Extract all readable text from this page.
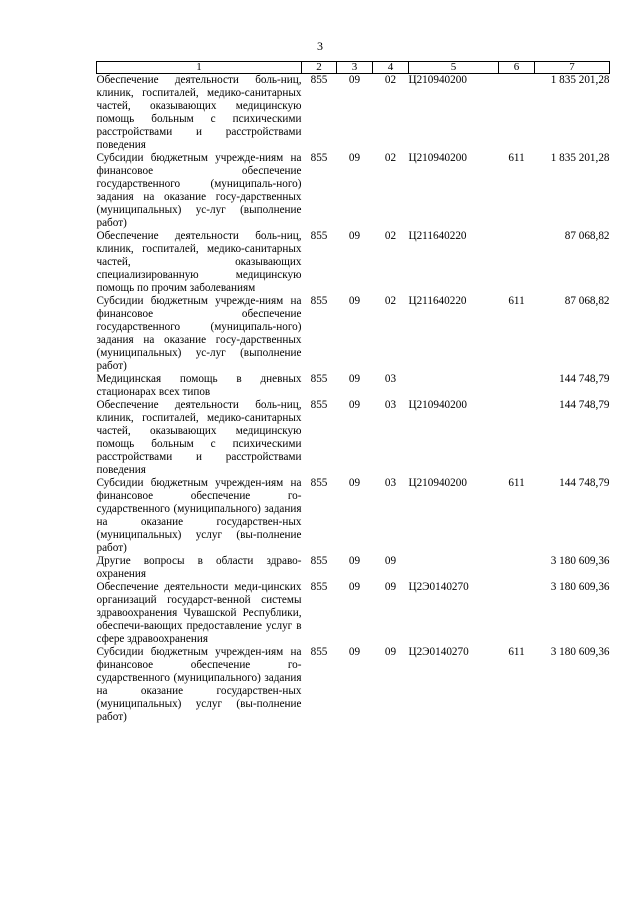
3
1	2	3	4	5	6	7
Обеспечение деятельности боль-ниц, клиник, госпиталей, медико-санитарных частей, оказывающих медицинскую помощь больным с психическими расстройствами и расстройствами поведения	855	09	02	Ц210940200		1 835 201,28
Субсидии бюджетным учрежде-ниям на финансовое обеспечение государственного (муниципаль-ного) задания на оказание госу-дарственных (муниципальных) ус-луг (выполнение работ)	855	09	02	Ц210940200	611	1 835 201,28
Обеспечение деятельности боль-ниц, клиник, госпиталей, медико-санитарных частей, оказывающих специализированную медицинскую помощь по прочим заболеваниям	855	09	02	Ц211640220		87 068,82
Субсидии бюджетным учрежде-ниям на финансовое обеспечение государственного (муниципаль-ного) задания на оказание госу-дарственных (муниципальных) ус-луг (выполнение работ)	855	09	02	Ц211640220	611	87 068,82
Медицинская помощь в дневных стационарах всех типов	855	09	03			144 748,79
Обеспечение деятельности боль-ниц, клиник, госпиталей, медико-санитарных частей, оказывающих медицинскую помощь больным с психическими расстройствами и расстройствами поведения	855	09	03	Ц210940200		144 748,79
Субсидии бюджетным учрежден-иям на финансовое обеспечение го-сударственного (муниципального) задания на оказание государствен-ных (муниципальных) услуг (вы-полнение работ)	855	09	03	Ц210940200	611	144 748,79
Другие вопросы в области здраво-охранения	855	09	09			3 180 609,36
Обеспечение деятельности меди-цинских организаций государст-венной системы здравоохранения Чувашской Республики, обеспечи-вающих предоставление услуг в сфере здравоохранения	855	09	09	Ц2Э0140270		3 180 609,36
Субсидии бюджетным учрежден-иям на финансовое обеспечение го-сударственного (муниципального) задания на оказание государствен-ных (муниципальных) услуг (вы-полнение работ)	855	09	09	Ц2Э0140270	611	3 180 609,36
